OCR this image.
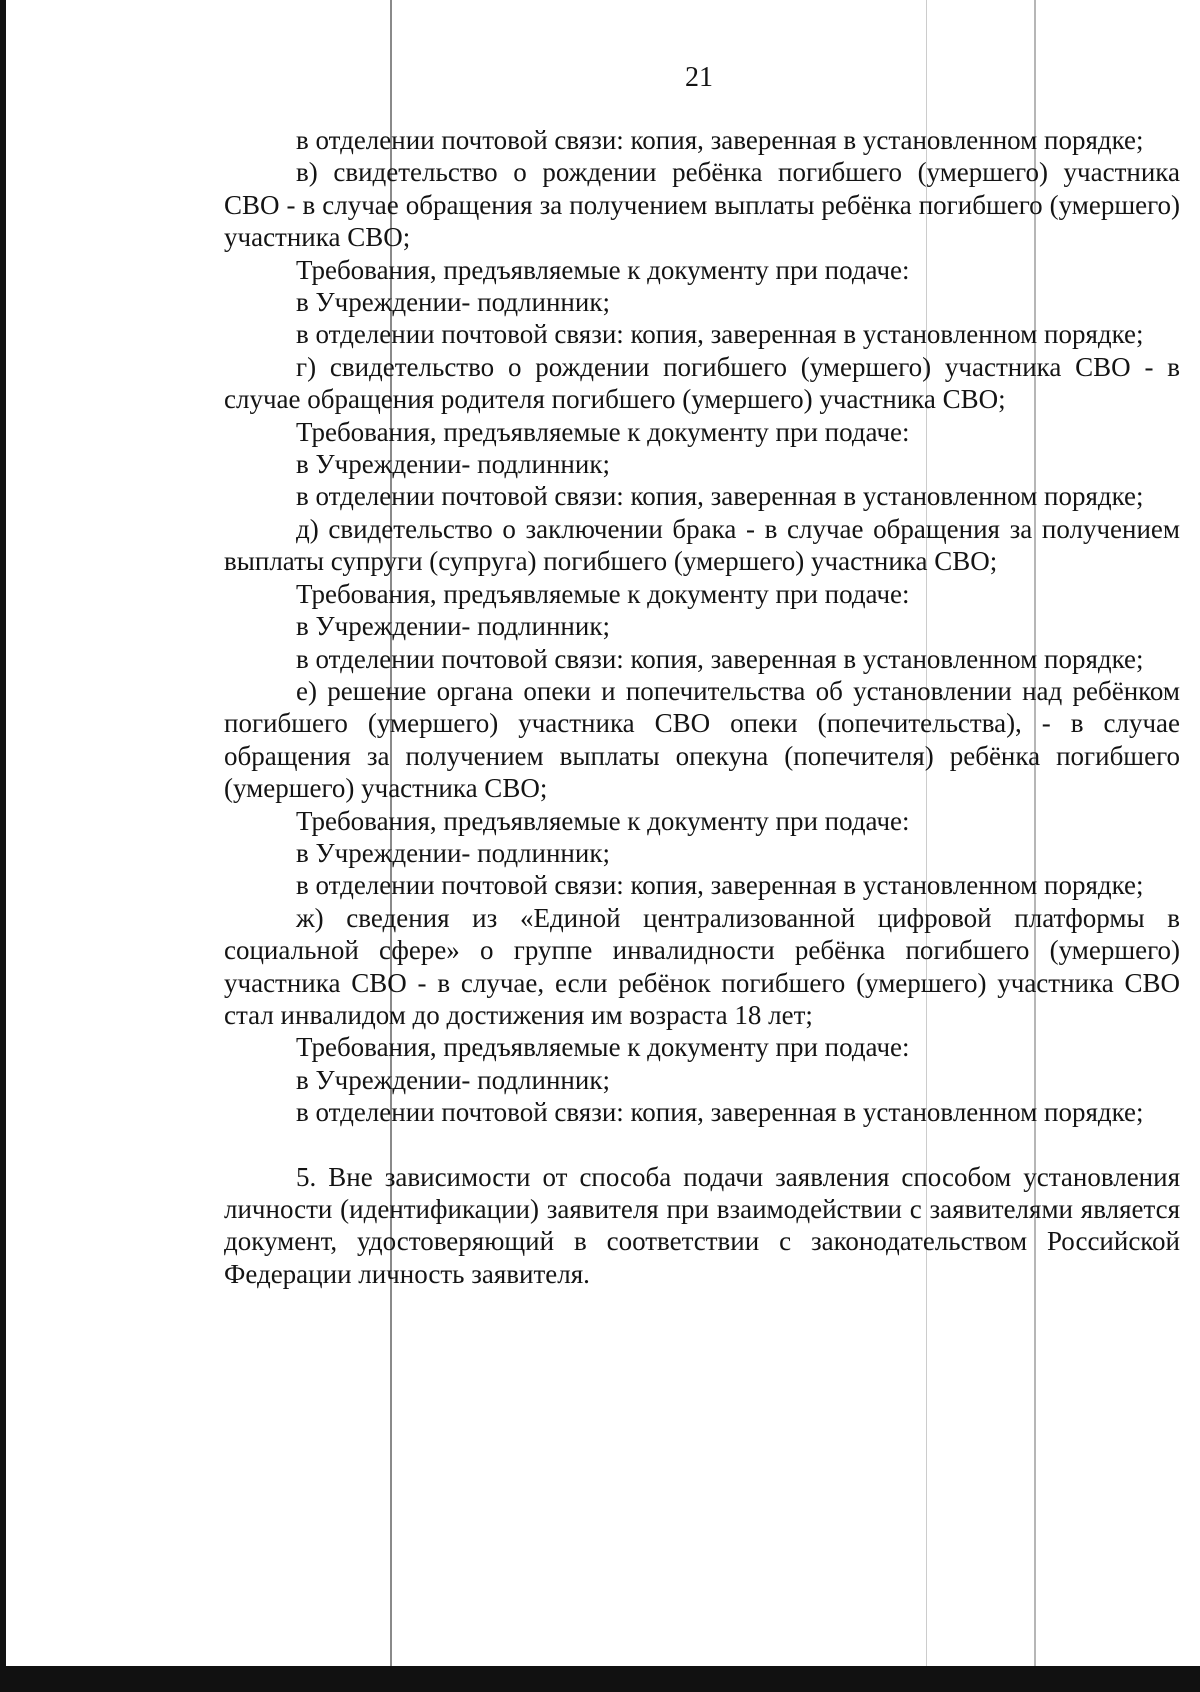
21

в отделении почтовой связи: копия, заверенная в установленном порядке;

в) свидетельство о рождении ребёнка погибшего (умершего) участника СВО - в случае обращения за получением выплаты ребёнка погибшего (умершего) участника СВО;

Требования, предъявляемые к документу при подаче:

в Учреждении- подлинник;

в отделении почтовой связи: копия, заверенная в установленном порядке;

г) свидетельство о рождении погибшего (умершего) участника СВО - в случае обращения родителя погибшего (умершего) участника СВО;

Требования, предъявляемые к документу при подаче:

в Учреждении- подлинник;

в отделении почтовой связи: копия, заверенная в установленном порядке;

д) свидетельство о заключении брака - в случае обращения за получением выплаты супруги (супруга) погибшего (умершего) участника СВО;

Требования, предъявляемые к документу при подаче:

в Учреждении- подлинник;

в отделении почтовой связи: копия, заверенная в установленном порядке;

е) решение органа опеки и попечительства об установлении над ребёнком погибшего (умершего) участника СВО опеки (попечительства), - в случае обращения за получением выплаты опекуна (попечителя) ребёнка погибшего (умершего) участника СВО;

Требования, предъявляемые к документу при подаче:

в Учреждении- подлинник;

в отделении почтовой связи: копия, заверенная в установленном порядке;

ж) сведения из «Единой централизованной цифровой платформы в социальной сфере» о группе инвалидности ребёнка погибшего (умершего) участника СВО - в случае, если ребёнок погибшего (умершего) участника СВО стал инвалидом до достижения им возраста 18 лет;

Требования, предъявляемые к документу при подаче:

в Учреждении- подлинник;

в отделении почтовой связи: копия, заверенная в установленном порядке;

5. Вне зависимости от способа подачи заявления способом установления личности (идентификации) заявителя при взаимодействии с заявителями является документ, удостоверяющий в соответствии с законодательством Российской Федерации личность заявителя.
